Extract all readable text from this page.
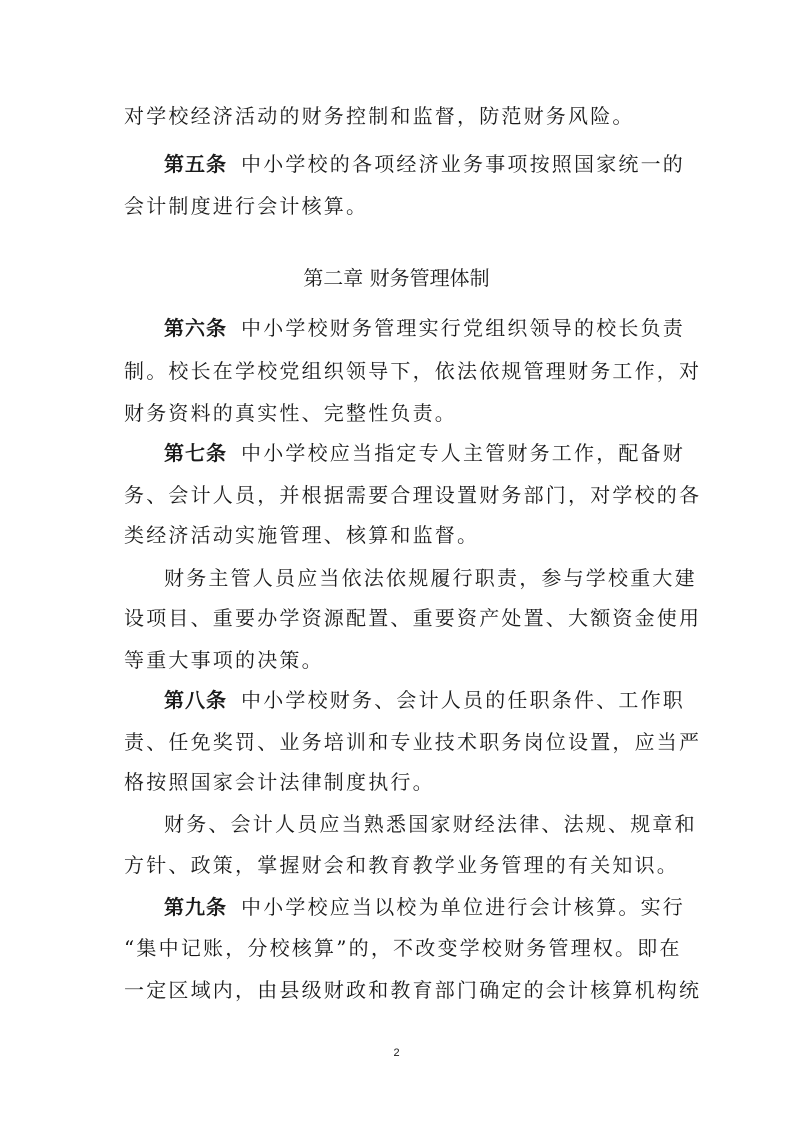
对学校经济活动的财务控制和监督，防范财务风险。
第五条 中小学校的各项经济业务事项按照国家统一的
会计制度进行会计核算。
第二章 财务管理体制
第六条 中小学校财务管理实行党组织领导的校长负责
制。校长在学校党组织领导下，依法依规管理财务工作，对
财务资料的真实性、完整性负责。
第七条 中小学校应当指定专人主管财务工作，配备财
务、会计人员，并根据需要合理设置财务部门，对学校的各
类经济活动实施管理、核算和监督。
财务主管人员应当依法依规履行职责，参与学校重大建
设项目、重要办学资源配置、重要资产处置、大额资金使用
等重大事项的决策。
第八条 中小学校财务、会计人员的任职条件、工作职
责、任免奖罚、业务培训和专业技术职务岗位设置，应当严
格按照国家会计法律制度执行。
财务、会计人员应当熟悉国家财经法律、法规、规章和
方针、政策，掌握财会和教育教学业务管理的有关知识。
第九条 中小学校应当以校为单位进行会计核算。实行
“集中记账，分校核算”的，不改变学校财务管理权。即在
一定区域内，由县级财政和教育部门确定的会计核算机构统
2
